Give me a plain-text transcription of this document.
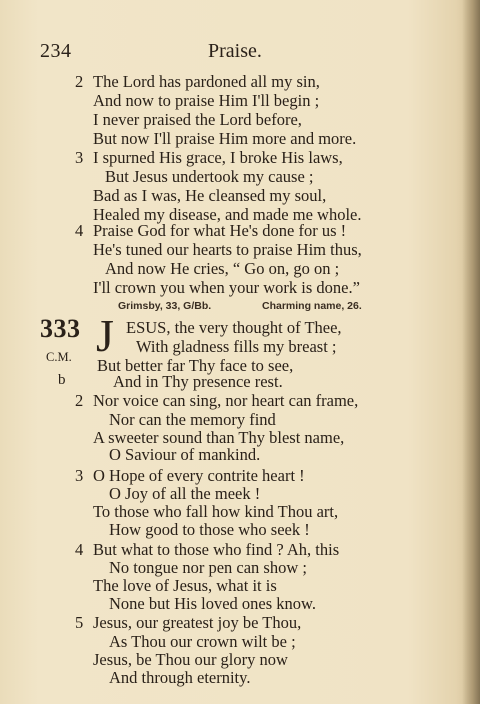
234	Praise.
2 The Lord has pardoned all my sin,
And now to praise Him I'll begin ;
I never praised the Lord before,
But now I'll praise Him more and more.
3 I spurned His grace, I broke His laws,
But Jesus undertook my cause ;
Bad as I was, He cleansed my soul,
Healed my disease, and made me whole.
4 Praise God for what He's done for us !
He's tuned our hearts to praise Him thus,
And now He cries, “ Go on, go on ;
I'll crown you when your work is done.”
Grimsby, 33, G/Bb.	Charming name, 26.
333 J
C.M.
b
ESUS, the very thought of Thee,
With gladness fills my breast ;
But better far Thy face to see,
And in Thy presence rest.
2 Nor voice can sing, nor heart can frame,
Nor can the memory find
A sweeter sound than Thy blest name,
O Saviour of mankind.
3 O Hope of every contrite heart !
O Joy of all the meek !
To those who fall how kind Thou art,
How good to those who seek !
4 But what to those who find ? Ah, this
No tongue nor pen can show ;
The love of Jesus, what it is
None but His loved ones know.
5 Jesus, our greatest joy be Thou,
As Thou our crown wilt be ;
Jesus, be Thou our glory now
And through eternity.
